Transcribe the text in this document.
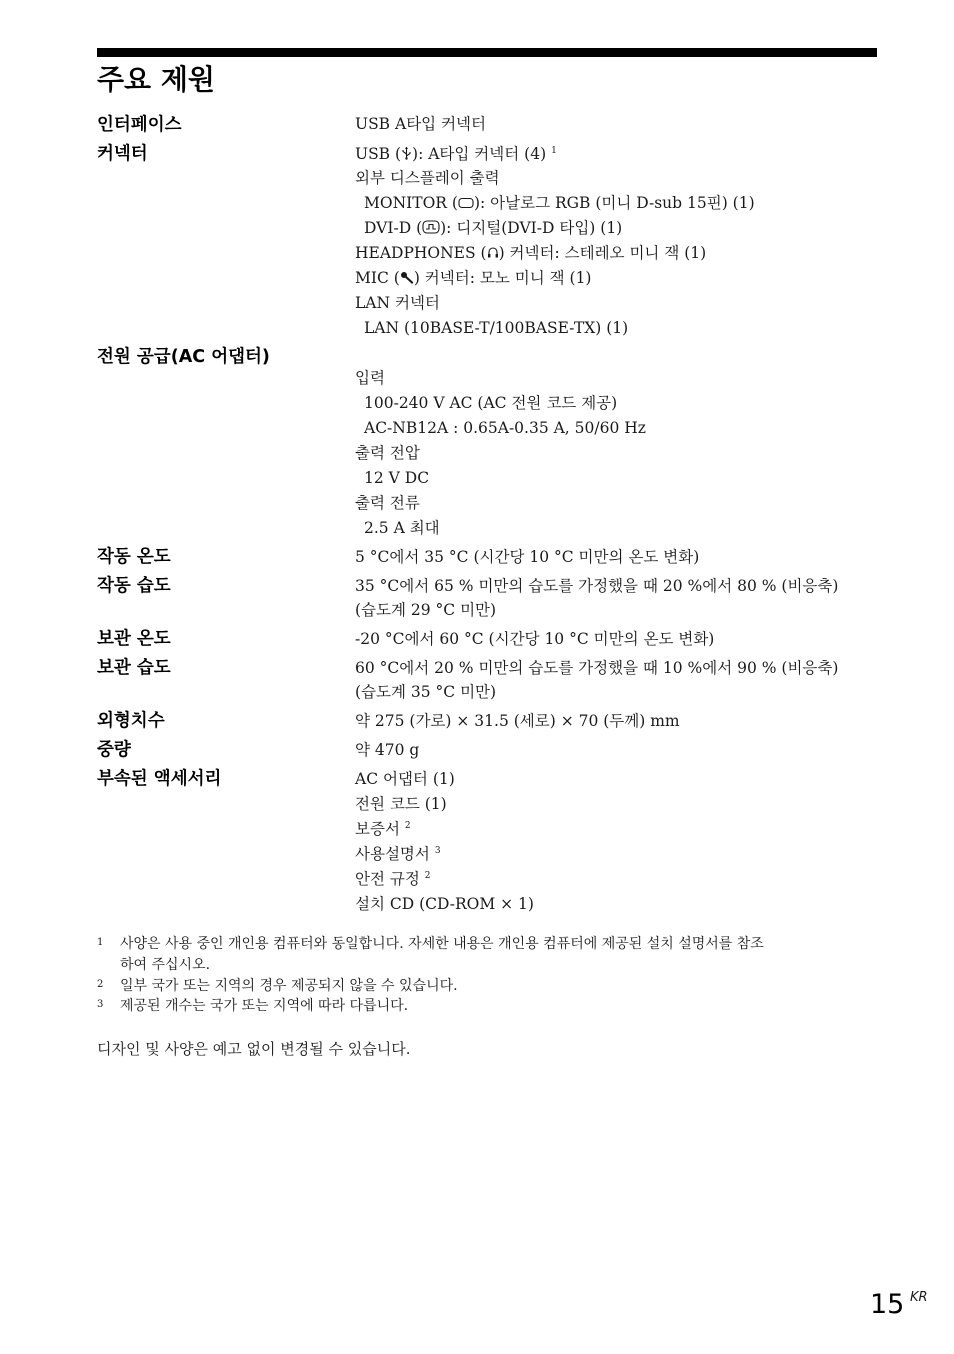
주요 제원
인터페이스	USB A타입 커넥터
커넥터	USB ( ): A타입 커넥터 (4) $^1$
외부 디스플레이 출력
MONITOR ( ): 아날로그 RGB (미니 D-sub 15핀) (1)
DVI-D ( ): 디지털(DVI-D 타입) (1)
HEADPHONES ( ) 커넥터: 스테레오 미니 잭 (1)
MIC ( ) 커넥터: 모노 미니 잭 (1)
LAN 커넥터
LAN (10BASE-T/100BASE-TX) (1)
전원 공급(AC 어댑터)
입력
100-240 V AC (AC 전원 코드 제공)
AC-NB12A : 0.65A-0.35 A, 50/60 Hz
출력 전압
12 V DC
출력 전류
2.5 A 최대
작동 온도	5 °C에서 35 °C (시간당 10 °C 미만의 온도 변화)
작동 습도	35 °C에서 65 % 미만의 습도를 가정했을 때 20 %에서 80 % (비응축)
(습도계 29 °C 미만)
보관 온도	-20 °C에서 60 °C (시간당 10 °C 미만의 온도 변화)
보관 습도	60 °C에서 20 % 미만의 습도를 가정했을 때 10 %에서 90 % (비응축)
(습도계 35 °C 미만)
외형치수	약 275 (가로) × 31.5 (세로) × 70 (두께) mm
중량	약 470 g
부속된 액세서리	AC 어댑터 (1)
전원 코드 (1)
보증서 $^2$
사용설명서 $^3$
안전 규정 $^2$
설치 CD (CD-ROM × 1)
1 사양은 사용 중인 개인용 컴퓨터와 동일합니다. 자세한 내용은 개인용 컴퓨터에 제공된 설치 설명서를 참조
하여 주십시오.
2 일부 국가 또는 지역의 경우 제공되지 않을 수 있습니다.
3 제공된 개수는 국가 또는 지역에 따라 다릅니다.
디자인 및 사양은 예고 없이 변경될 수 있습니다.
15 KR
